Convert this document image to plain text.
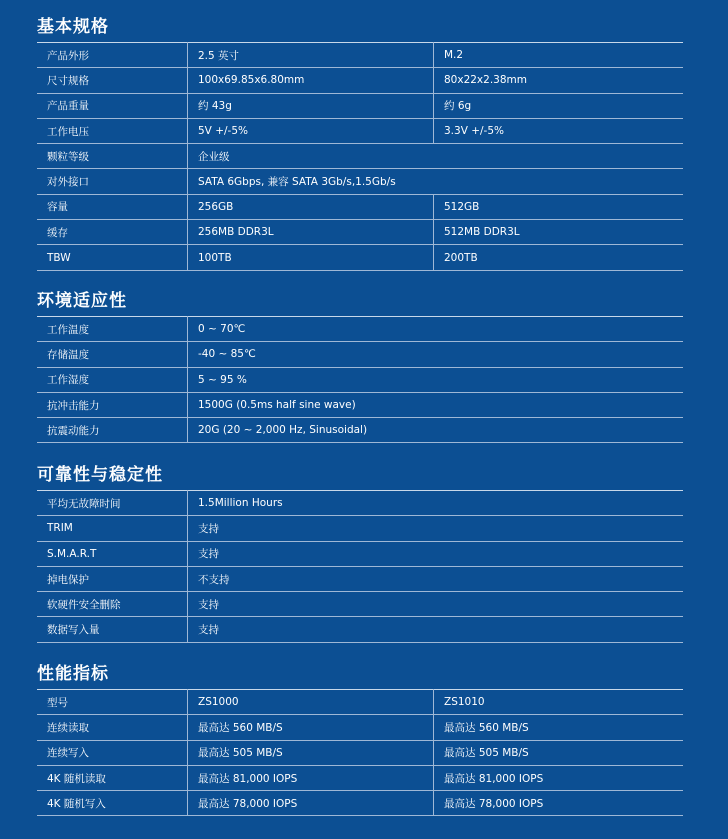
基本规格
产品外形	2.5 英寸	M.2
尺寸规格	100x69.85x6.80mm	80x22x2.38mm
产品重量	约 43g	约 6g
工作电压	5V +/-5%	3.3V +/-5%
颗粒等级	企业级	
对外接口	SATA 6Gbps, 兼容 SATA 3Gb/s,1.5Gb/s	
容量	256GB	512GB
缓存	256MB DDR3L	512MB DDR3L
TBW	100TB	200TB
环境适应性
工作温度	0 ~ 70℃
存储温度	-40 ~ 85℃
工作湿度	5 ~ 95 %
抗冲击能力	1500G (0.5ms half sine wave)
抗震动能力	20G (20 ~ 2,000 Hz, Sinusoidal)
可靠性与稳定性
平均无故障时间	1.5Million Hours
TRIM	支持
S.M.A.R.T	支持
掉电保护	不支持
软硬件安全删除	支持
数据写入量	支持
性能指标
型号	ZS1000	ZS1010
连续读取	最高达 560 MB/S	最高达 560 MB/S
连续写入	最高达 505 MB/S	最高达 505 MB/S
4K 随机读取	最高达 81,000 IOPS	最高达 81,000 IOPS
4K 随机写入	最高达 78,000 IOPS	最高达 78,000 IOPS
